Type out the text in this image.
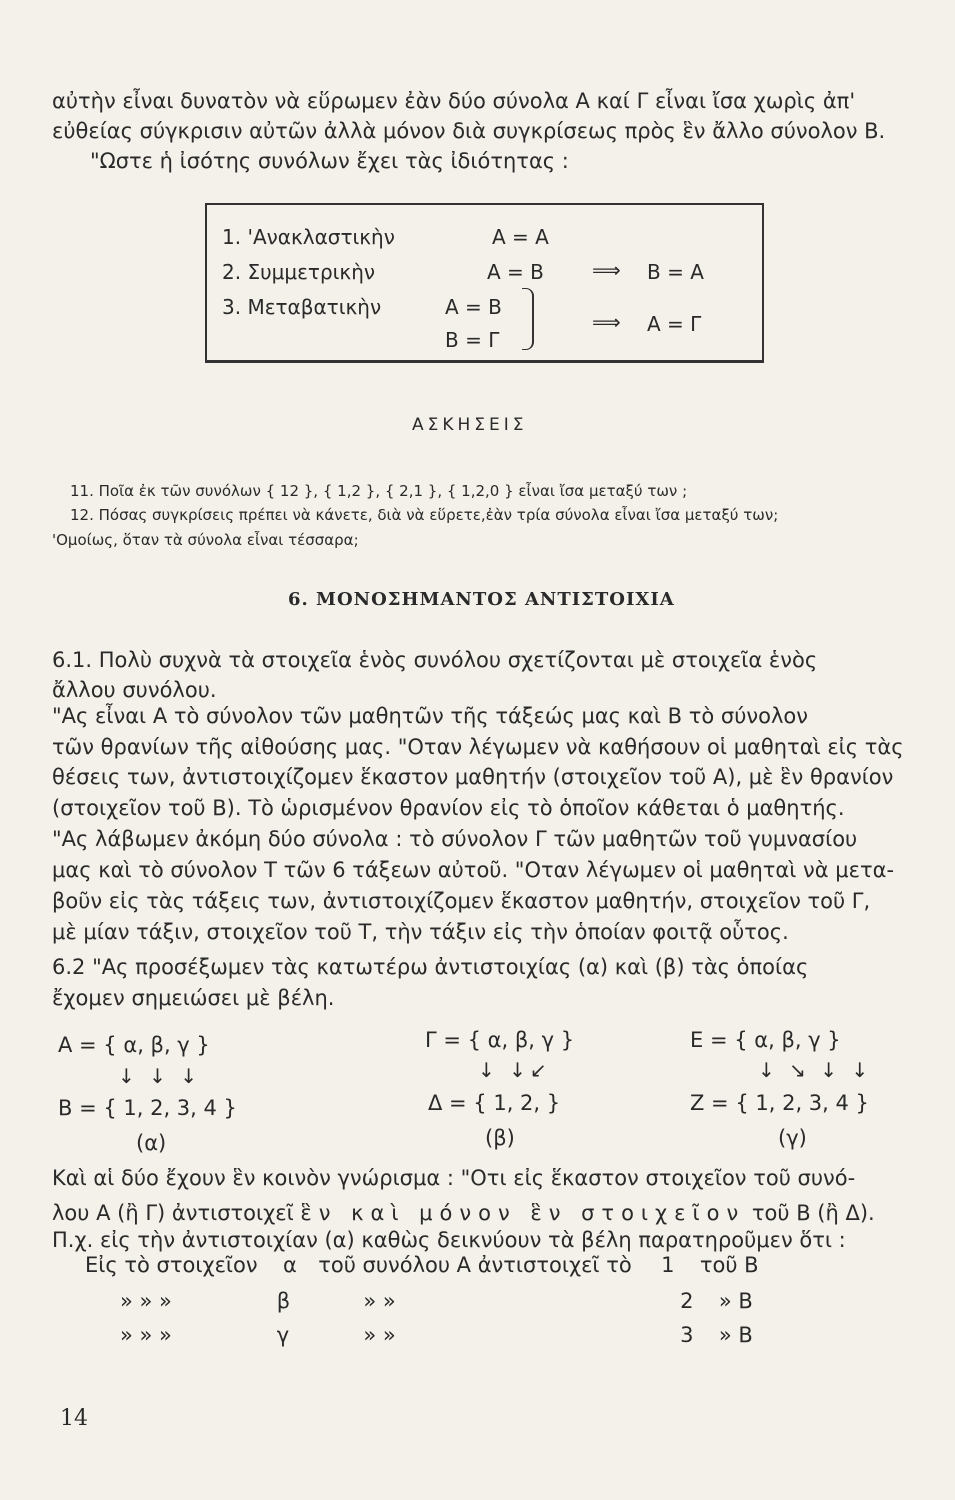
αὐτὴν εἶναι δυνατὸν νὰ εὕρωμεν ἐὰν δύο σύνολα Α καί Γ εἶναι ἴσα χωρὶς ἀπ'
εὐθείας σύγκρισιν αὐτῶν ἀλλὰ μόνον διὰ συγκρίσεως πρὸς ἓν ἄλλο σύνολον Β.
"Ωστε ἡ ἰσότης συνόλων ἔχει τὰς ἰδιότητας :
1. 'Ανακλαστικὴν	Α = Α
2. Συμμετρικὴν	Α = Β ⟹ Β = Α
3. Μεταβατικὴν	Α = Β
Β = Γ
⟹ Α = Γ
ΑΣΚΗΣΕΙΣ
11. Ποῖα ἐκ τῶν συνόλων { 12 }, { 1,2 }, { 2,1 }, { 1,2,0 } εἶναι ἴσα μεταξύ των ;
12. Πόσας συγκρίσεις πρέπει νὰ κάνετε, διὰ νὰ εὕρετε,ἐὰν τρία σύνολα εἶναι ἴσα μεταξύ των;
'Ομοίως, ὅταν τὰ σύνολα εἶναι τέσσαρα;
6. ΜΟΝΟΣΗΜΑΝΤΟΣ ΑΝΤΙΣΤΟΙΧΙΑ
6.1. Πολὺ συχνὰ τὰ στοιχεῖα ἑνὸς συνόλου σχετίζονται μὲ στοιχεῖα ἑνὸς
ἄλλου συνόλου.
"Ας εἶναι Α τὸ σύνολον τῶν μαθητῶν τῆς τάξεώς μας καὶ Β τὸ σύνολον
τῶν θρανίων τῆς αἰθούσης μας. "Οταν λέγωμεν νὰ καθήσουν οἱ μαθηταὶ εἰς τὰς
θέσεις των, ἀντιστοιχίζομεν ἕκαστον μαθητήν (στοιχεῖον τοῦ Α), μὲ ἓν θρανίον
(στοιχεῖον τοῦ Β). Τὸ ὡρισμένον θρανίον εἰς τὸ ὁποῖον κάθεται ὁ μαθητής.
"Ας λάβωμεν ἀκόμη δύο σύνολα : τὸ σύνολον Γ τῶν μαθητῶν τοῦ γυμνασίου
μας καὶ τὸ σύνολον Τ τῶν 6 τάξεων αὐτοῦ. "Οταν λέγωμεν οἱ μαθηταὶ νὰ μετα-
βοῦν εἰς τὰς τάξεις των, ἀντιστοιχίζομεν ἕκαστον μαθητήν, στοιχεῖον τοῦ Γ,
μὲ μίαν τάξιν, στοιχεῖον τοῦ Τ, τὴν τάξιν εἰς τὴν ὁποίαν φοιτᾷ οὗτος.
6.2 "Ας προσέξωμεν τὰς κατωτέρω ἀντιστοιχίας (α) καὶ (β) τὰς ὁποίας
ἔχομεν σημειώσει μὲ βέλη.
Α = { α, β, γ }
↓ ↓ ↓
Β = { 1, 2, 3, 4 }
(α)
Γ = { α, β, γ }
↓ ↓↙
Δ = { 1, 2, }
(β)
Ε = { α, β, γ }
↓ ↘ ↓ ↓
Ζ = { 1, 2, 3, 4 }
(γ)
Καὶ αἱ δύο ἔχουν ἓν κοινὸν γνώρισμα : "Οτι εἰς ἕκαστον στοιχεῖον τοῦ συνό-
λου Α (ἢ Γ) ἀντιστοιχεῖ ἓν καὶ μόνον ἓν στοιχεῖον τοῦ Β (ἢ Δ).
Π.χ. εἰς τὴν ἀντιστοιχίαν (α) καθὼς δεικνύουν τὰ βέλη παρατηροῦμεν ὅτι :
Εἰς τὸ στοιχεῖον α τοῦ συνόλου Α ἀντιστοιχεῖ τὸ 1 τοῦ Β
» » »	β	» »	2 » Β
» » »	γ	» »	3 » Β
14
